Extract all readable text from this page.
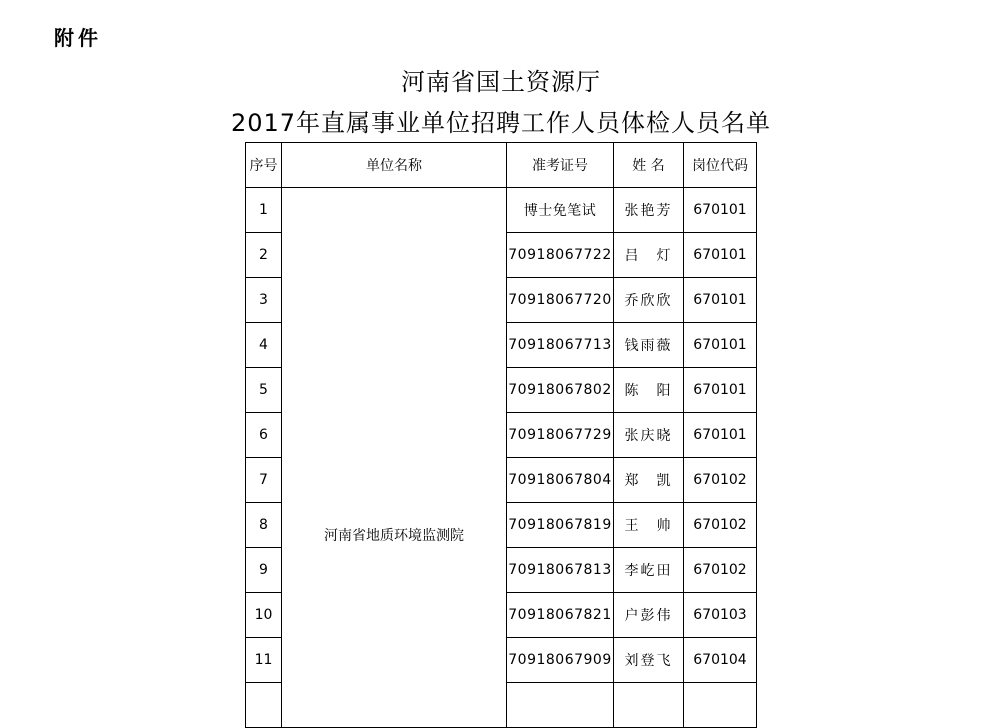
附件
河南省国土资源厅
2017年直属事业单位招聘工作人员体检人员名单
序号	单位名称	准考证号	姓 名	岗位代码
1	河南省地质环境监测院	博士免笔试	张艳芳	670101
2		70918067722	吕　灯	670101
3		70918067720	乔欣欣	670101
4		70918067713	钱雨薇	670101
5		70918067802	陈　阳	670101
6		70918067729	张庆晓	670101
7		70918067804	郑　凯	670102
8		70918067819	王　帅	670102
9		70918067813	李屹田	670102
10		70918067821	户彭伟	670103
11		70918067909	刘登飞	670104
